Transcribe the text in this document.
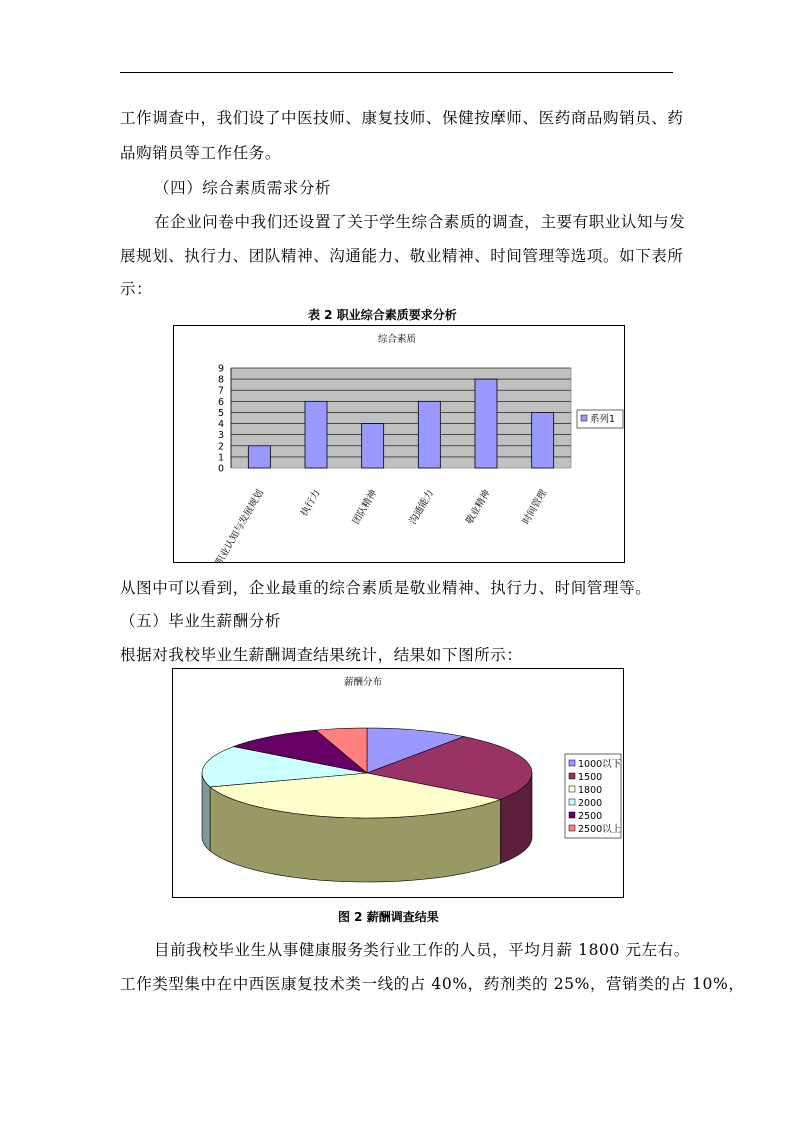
工作调查中，我们设了中医技师、康复技师、保健按摩师、医药商品购销员、药
品购销员等工作任务。
（四）综合素质需求分析
在企业问卷中我们还设置了关于学生综合素质的调查，主要有职业认知与发
展规划、执行力、团队精神、沟通能力、敬业精神、时间管理等选项。如下表所
示：
表 2 职业综合素质要求分析
综合素质
0
1
2
3
4
5
6
7
8
9
职业认知与发展规划	执行力	团队精神	沟通能力	敬业精神	时间管理
系列1
从图中可以看到，企业最重的综合素质是敬业精神、执行力、时间管理等。
（五）毕业生薪酬分析
根据对我校毕业生薪酬调查结果统计，结果如下图所示：
薪酬分布
1000以下
1500
1800
2000
2500
2500以上
图 2 薪酬调查结果
目前我校毕业生从事健康服务类行业工作的人员，平均月薪 1800 元左右。
工作类型集中在中西医康复技术类一线的占 40%，药剂类的 25%，营销类的占 10%，
